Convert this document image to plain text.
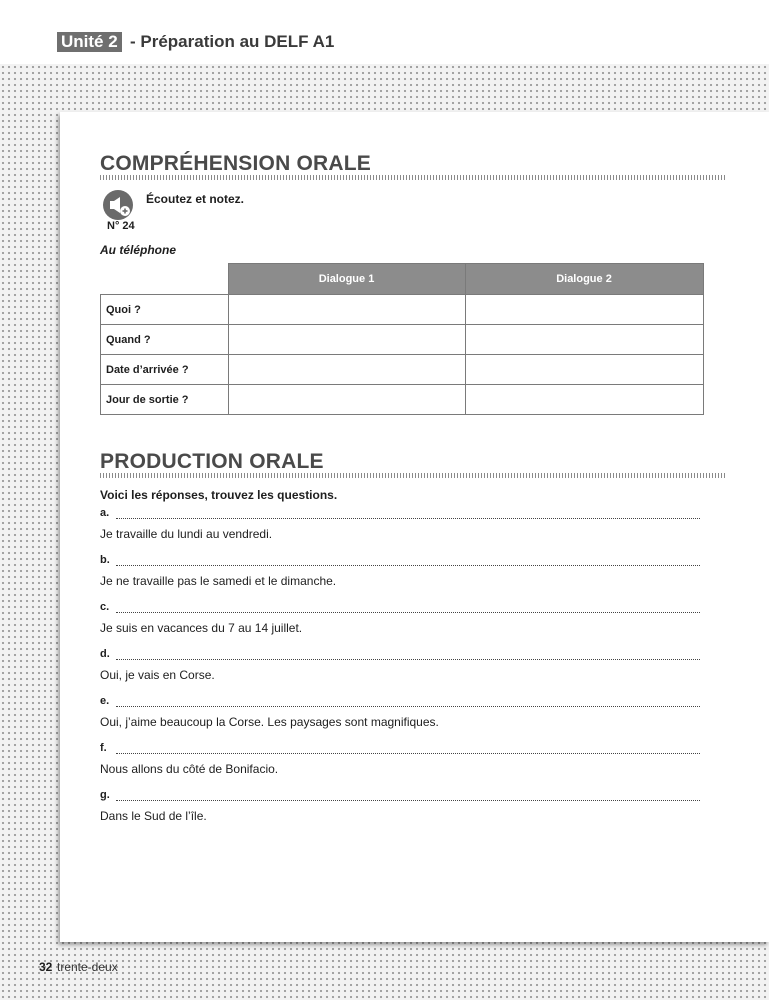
Unité 2 - Préparation au DELF A1
COMPRÉHENSION ORALE
N° 24
Écoutez et notez.
Au téléphone
	Dialogue 1	Dialogue 2
Quoi ?		
Quand ?		
Date d’arrivée ?		
Jour de sortie ?		
PRODUCTION ORALE
Voici les réponses, trouvez les questions.
a.
Je travaille du lundi au vendredi.
b.
Je ne travaille pas le samedi et le dimanche.
c.
Je suis en vacances du 7 au 14 juillet.
d.
Oui, je vais en Corse.
e.
Oui, j’aime beaucoup la Corse. Les paysages sont magnifiques.
f.
Nous allons du côté de Bonifacio.
g.
Dans le Sud de l’île.
32 trente-deux
